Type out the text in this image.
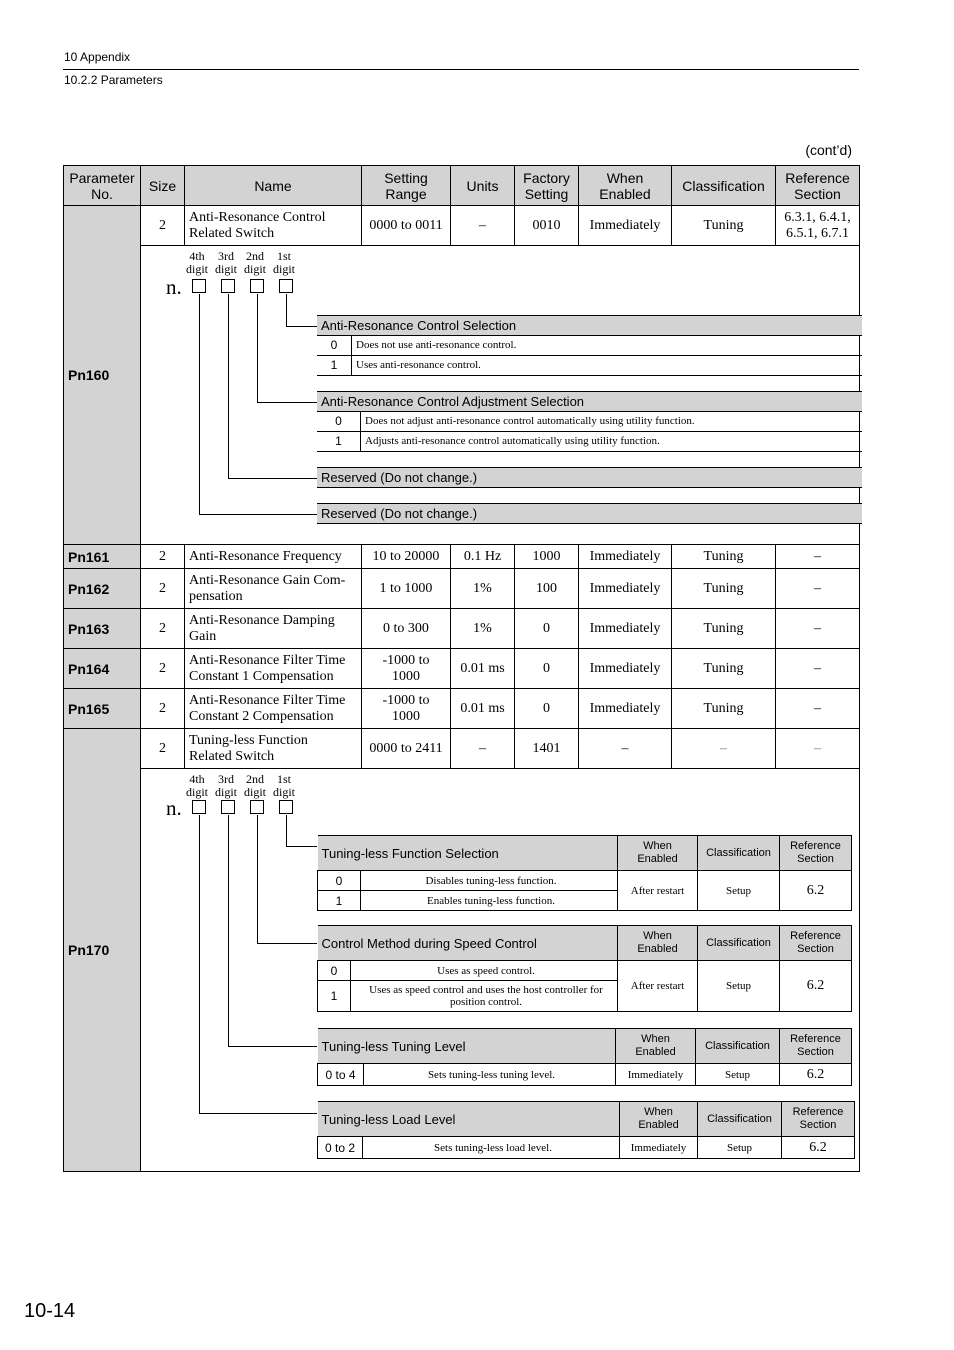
10 Appendix
10.2.2 Parameters
(cont’d)
Parameter
No.	Size	Name	Setting
Range	Units	Factory
Setting	When
Enabled	Classification	Reference
Section
Pn160	2	Anti-Resonance Control
Related Switch	0000 to 0011	–	0010	Immediately	Tuning	6.3.1, 6.4.1,
6.5.1, 6.7.1

4th
digit
3rd
digit
2nd
digit
1st
digit
n.
Anti-Resonance Control Selection
0	Does not use anti-resonance control.
1	Uses anti-resonance control.
Anti-Resonance Control Adjustment Selection
0	Does not adjust anti-resonance control automatically using utility function.
1	Adjusts anti-resonance control automatically using utility function.
Reserved (Do not change.)
Reserved (Do not change.)

Pn161	2	Anti-Resonance Frequency	10 to 20000	0.1 Hz	1000	Immediately	Tuning	–
Pn162	2	Anti-Resonance Gain Com-
pensation	1 to 1000	1%	100	Immediately	Tuning	–
Pn163	2	Anti-Resonance Damping
Gain	0 to 300	1%	0	Immediately	Tuning	–
Pn164	2	Anti-Resonance Filter Time
Constant 1 Compensation	-1000 to
1000	0.01 ms	0	Immediately	Tuning	–
Pn165	2	Anti-Resonance Filter Time
Constant 2 Compensation	-1000 to
1000	0.01 ms	0	Immediately	Tuning	–
Pn170	2	Tuning-less Function
Related Switch	0000 to 2411	–	1401	–	–	–

4th
digit
3rd
digit
2nd
digit
1st
digit
n.
Tuning-less Function Selection	When
Enabled	Classification	Reference
Section
0	Disables tuning-less function.	After restart	Setup	6.2
1	Enables tuning-less function.
Control Method during Speed Control	When
Enabled	Classification	Reference
Section
0	Uses as speed control.	After restart	Setup	6.2
1	Uses as speed control and uses the host controller for position control.
Tuning-less Tuning Level	When
Enabled	Classification	Reference
Section
0 to 4	Sets tuning-less tuning level.	Immediately	Setup	6.2
Tuning-less Load Level	When
Enabled	Classification	Reference
Section
0 to 2	Sets tuning-less load level.	Immediately	Setup	6.2
10-14
